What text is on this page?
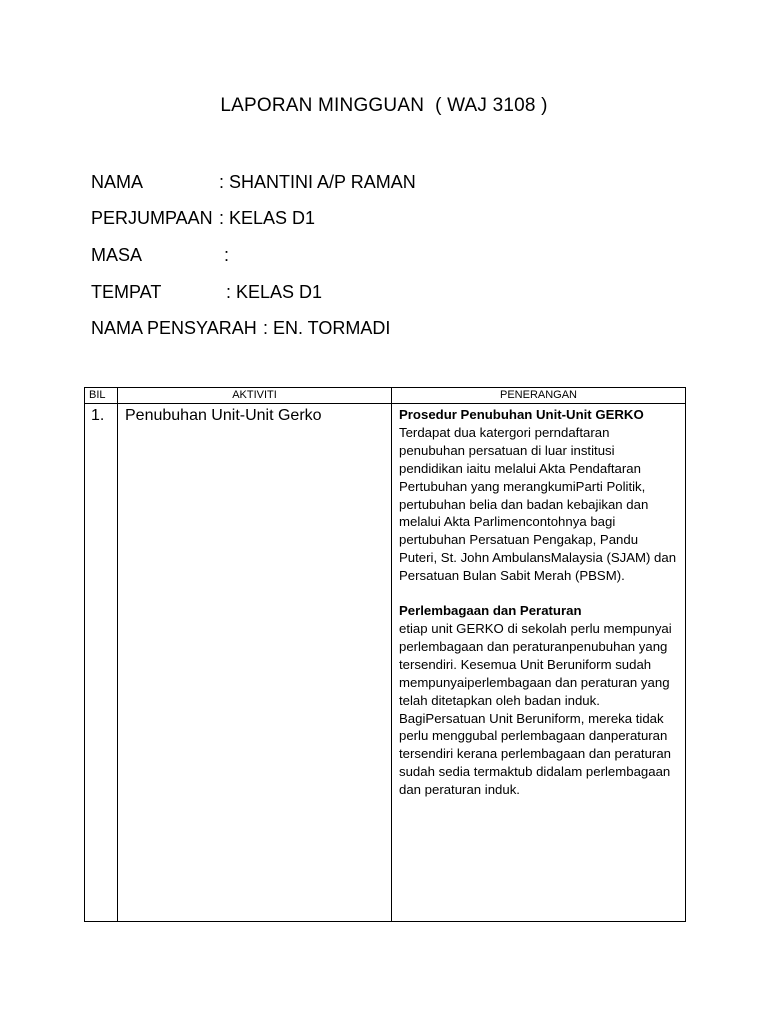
LAPORAN MINGGUAN  ( WAJ 3108 )

NAMA

	: SHANTINI A/P RAMAN

PERJUMPAAN

: KELAS D1

MASA

	:

TEMPAT

	: KELAS D1

NAMA PENSYARAH

: EN. TORMADI

BIL	AKTIVITI	PENERANGAN
1.	Penubuhan Unit-Unit Gerko	Prosedur Penubuhan Unit-Unit GERKO
Terdapat dua katergori perndaftaran penubuhan persatuan di luar institusi pendidikan iaitu melalui Akta Pendaftaran Pertubuhan yang merangkumiParti Politik, pertubuhan belia dan badan kebajikan dan melalui Akta Parlimencontohnya bagi pertubuhan Persatuan Pengakap, Pandu Puteri, St. John AmbulansMalaysia (SJAM) dan Persatuan Bulan Sabit Merah (PBSM).
Perlembagaan dan Peraturan
etiap unit GERKO di sekolah perlu mempunyai perlembagaan dan peraturanpenubuhan yang tersendiri. Kesemua Unit Beruniform sudah mempunyaiperlembagaan dan peraturan yang telah ditetapkan oleh badan induk. BagiPersatuan Unit Beruniform, mereka tidak perlu menggubal perlembagaan danperaturan tersendiri kerana perlembagaan dan peraturan sudah sedia termaktub didalam perlembagaan dan peraturan induk.
